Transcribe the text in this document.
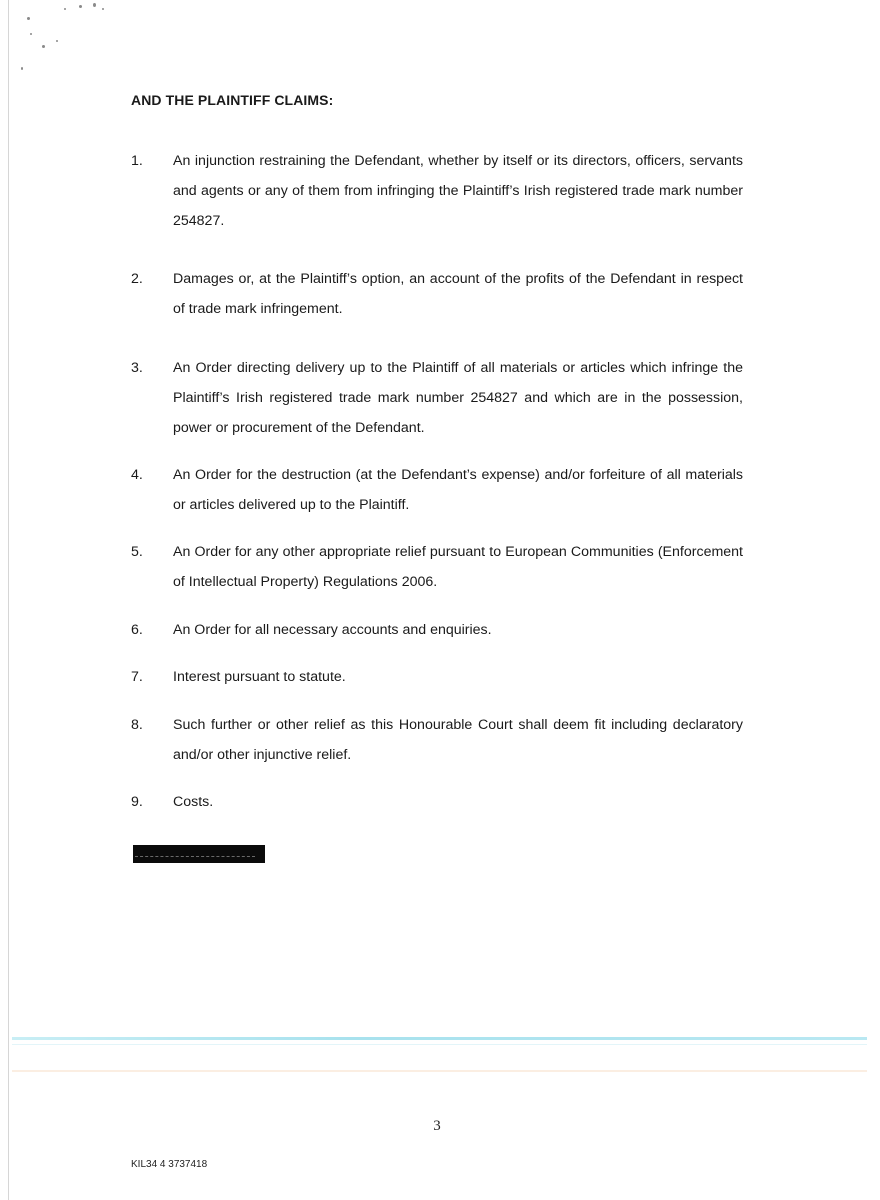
AND THE PLAINTIFF CLAIMS:
1.	An injunction restraining the Defendant, whether by itself or its directors, officers, servants and agents or any of them from infringing the Plaintiff’s Irish registered trade mark number 254827.
2.	Damages or, at the Plaintiff’s option, an account of the profits of the Defendant in respect of trade mark infringement.
3.	An Order directing delivery up to the Plaintiff of all materials or articles which infringe the Plaintiff’s Irish registered trade mark number 254827 and which are in the possession, power or procurement of the Defendant.
4.	An Order for the destruction (at the Defendant’s expense) and/or forfeiture of all materials or articles delivered up to the Plaintiff.
5.	An Order for any other appropriate relief pursuant to European Communities (Enforcement of Intellectual Property) Regulations 2006.
6.	An Order for all necessary accounts and enquiries.
7.	Interest pursuant to statute.
8.	Such further or other relief as this Honourable Court shall deem fit including declaratory and/or other injunctive relief.
9.	Costs.
3
KIL34 4 3737418
